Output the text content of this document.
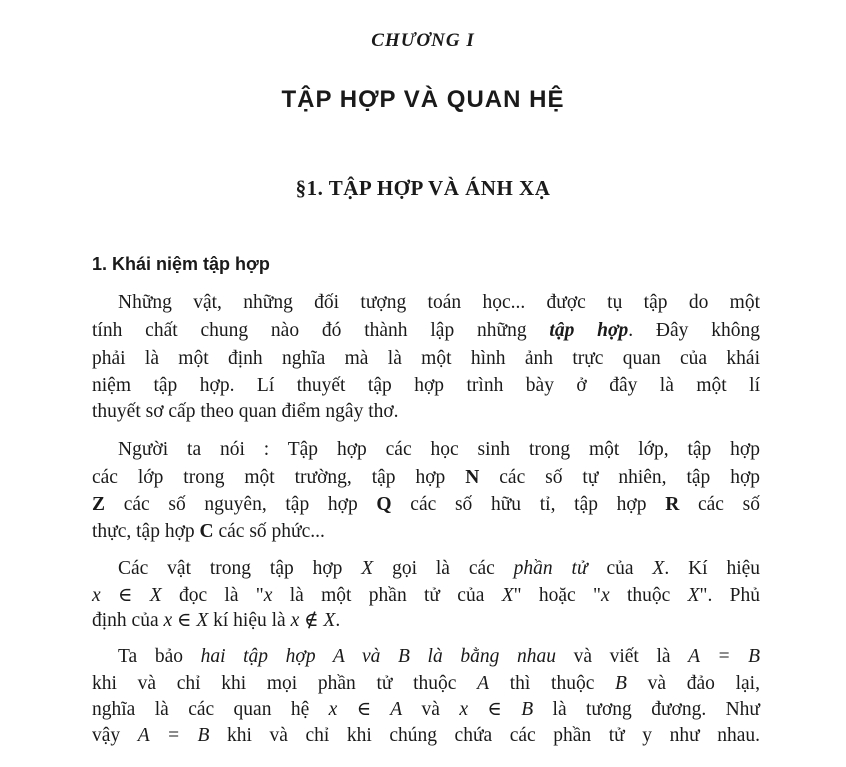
CHƯƠNG I
TẬP HỢP VÀ QUAN HỆ
§1. TẬP HỢP VÀ ÁNH XẠ
1. Khái niệm tập hợp
Những vật, những đối tượng toán học... được tụ tập do một
tính chất chung nào đó thành lập những tập hợp. Đây không
phải là một định nghĩa mà là một hình ảnh trực quan của khái
niệm tập hợp. Lí thuyết tập hợp trình bày ở đây là một lí
thuyết sơ cấp theo quan điểm ngây thơ.
Người ta nói : Tập hợp các học sinh trong một lớp, tập hợp
các lớp trong một trường, tập hợp N các số tự nhiên, tập hợp
Z các số nguyên, tập hợp Q các số hữu tỉ, tập hợp R các số
thực, tập hợp C các số phức...
Các vật trong tập hợp X gọi là các phần tử của X. Kí hiệu
x ∈ X đọc là "x là một phần tử của X" hoặc "x thuộc X". Phủ
định của x ∈ X kí hiệu là x ∉ X.
Ta bảo hai tập hợp A và B là bằng nhau và viết là A = B
khi và chỉ khi mọi phần tử thuộc A thì thuộc B và đảo lại,
nghĩa là các quan hệ x ∈ A và x ∈ B là tương đương. Như
vậy A = B khi và chỉ khi chúng chứa các phần tử y như nhau.
